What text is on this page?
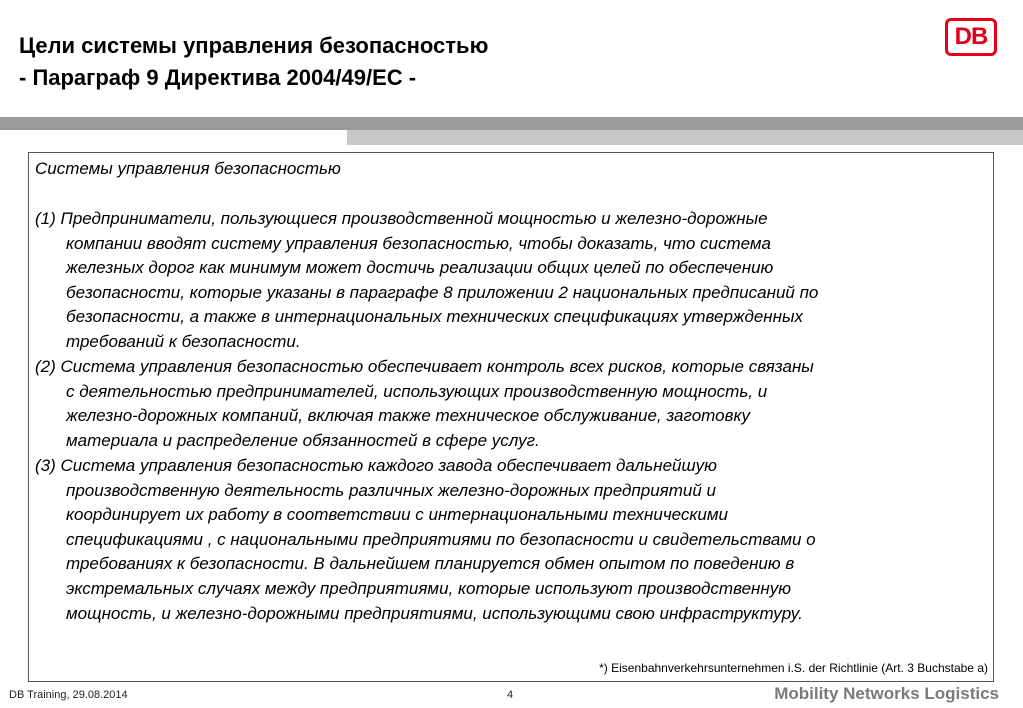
Цели системы управления безопасностью
- Параграф 9 Директива 2004/49/EC -
DB

Системы управления безопасностью

(1) Предприниматели, пользующиеся производственной мощностью и железно-дорожные
компании вводят систему управления безопасностью, чтобы доказать, что система
железных дорог как минимум может достичь реализации общих целей по обеспечению
безопасности, которые указаны в параграфе 8 приложении 2 национальных предписаний по
безопасности, а также в интернациональных технических спецификациях утвержденных
требований к безопасности.
(2) Система управления безопасностью обеспечивает контроль всех рисков, которые связаны
с деятельностью предпринимателей, использующих производственную мощность, и
железно-дорожных компаний, включая также техническое обслуживание, заготовку
материала и распределение обязанностей в сфере услуг.
(3) Система управления безопасностью каждого завода обеспечивает дальнейшую
производственную деятельность различных железно-дорожных предприятий и
координирует их работу в соответствии с интернациональными техническими
спецификациями , с национальными предприятиями по безопасности и свидетельствами о
требованиях к безопасности. В дальнейшем планируется обмен опытом по поведению в
экстремальных случаях между предприятиями, которые используют производственную
мощность, и железно-дорожными предприятиями, использующими свою инфраструктуру.

*) Eisenbahnverkehrsunternehmen i.S. der Richtlinie (Art. 3 Buchstabe a)

DB Training, 29.08.2014	4	Mobility Networks Logistics
